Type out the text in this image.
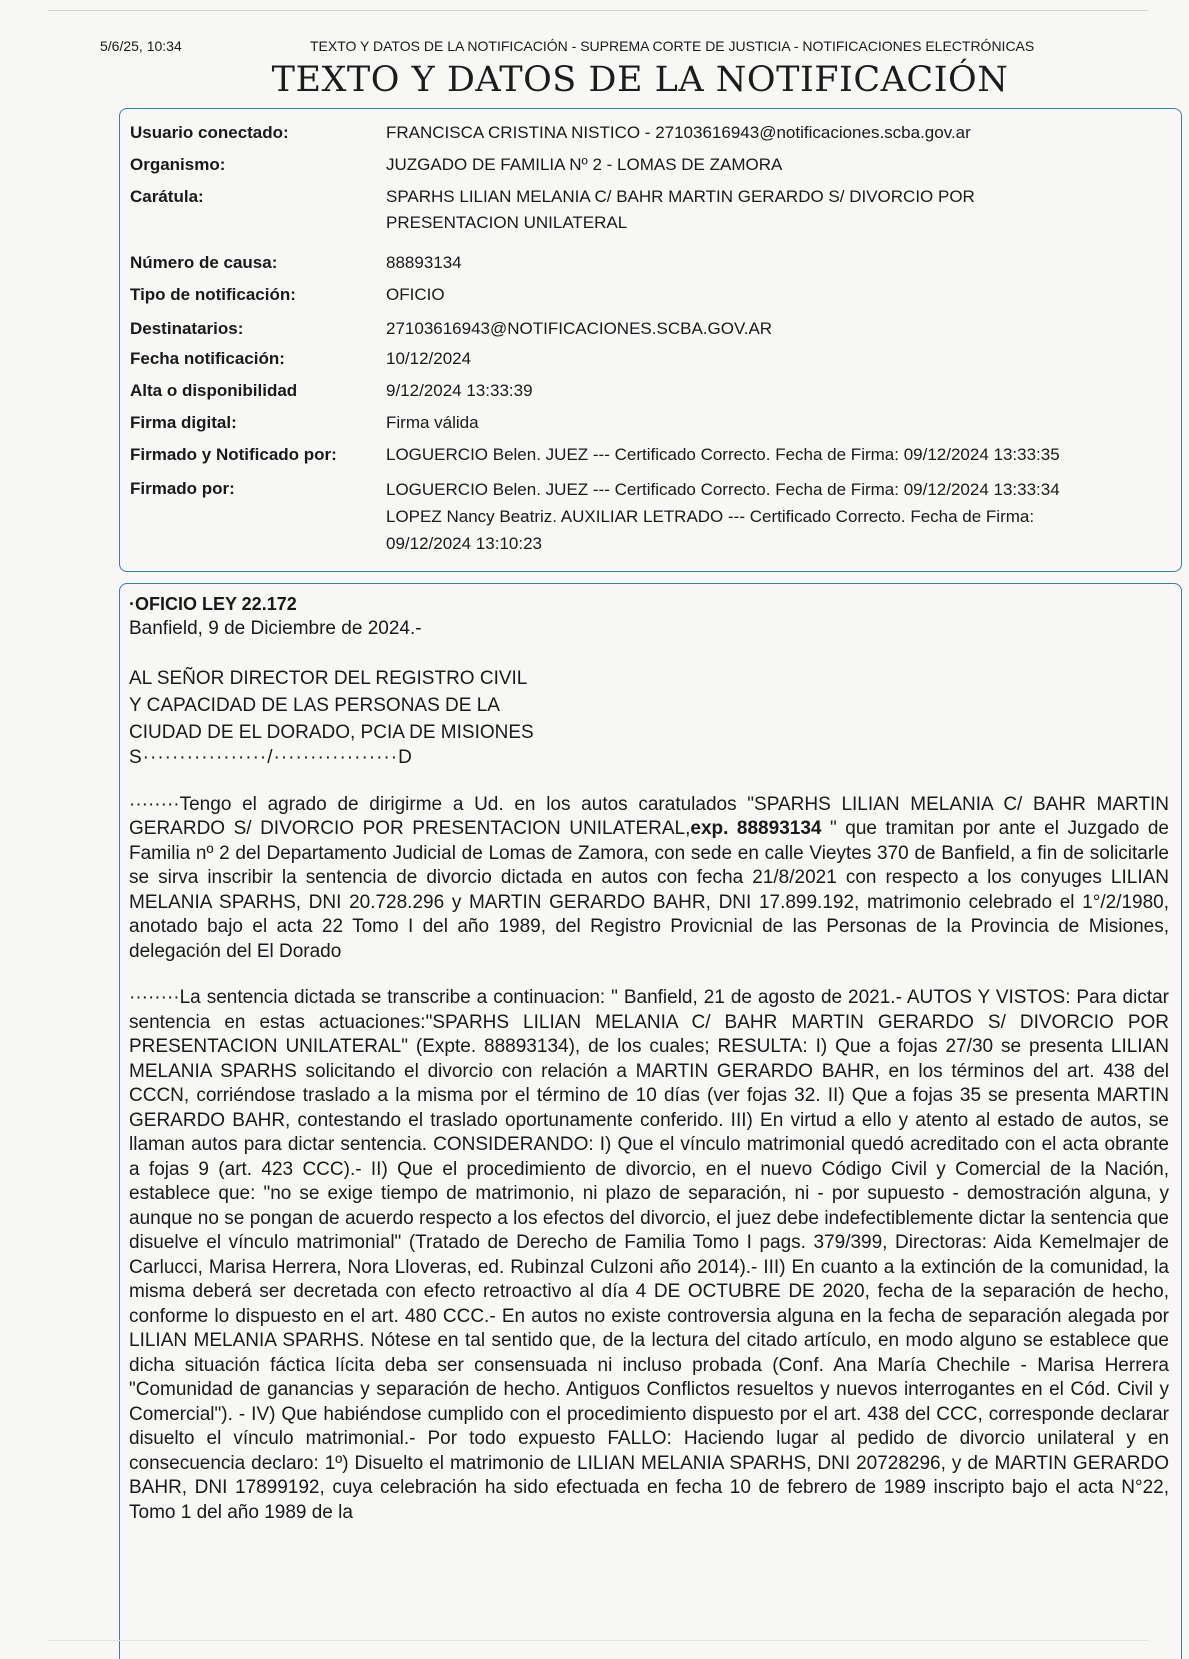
5/6/25, 10:34	TEXTO Y DATOS DE LA NOTIFICACIÓN - SUPREMA CORTE DE JUSTICIA - NOTIFICACIONES ELECTRÓNICAS
TEXTO Y DATOS DE LA NOTIFICACIÓN
Usuario conectado:	FRANCISCA CRISTINA NISTICO - 27103616943@notificaciones.scba.gov.ar
Organismo:	JUZGADO DE FAMILIA Nº 2 - LOMAS DE ZAMORA
Carátula:	SPARHS LILIAN MELANIA C/ BAHR MARTIN GERARDO S/ DIVORCIO POR
PRESENTACION UNILATERAL
Número de causa:	88893134
Tipo de notificación:	OFICIO
Destinatarios:	27103616943@NOTIFICACIONES.SCBA.GOV.AR
Fecha notificación:	10/12/2024
Alta o disponibilidad	9/12/2024 13:33:39
Firma digital:	Firma válida
Firmado y Notificado por:	LOGUERCIO Belen. JUEZ --- Certificado Correcto. Fecha de Firma: 09/12/2024 13:33:35
Firmado por:	LOGUERCIO Belen. JUEZ --- Certificado Correcto. Fecha de Firma: 09/12/2024 13:33:34
LOPEZ Nancy Beatriz. AUXILIAR LETRADO --- Certificado Correcto. Fecha de Firma:
09/12/2024 13:10:23

·OFICIO LEY 22.172

Banfield, 9 de Diciembre de 2024.-

AL SEÑOR DIRECTOR DEL REGISTRO CIVIL
Y CAPACIDAD DE LAS PERSONAS DE LA
CIUDAD DE EL DORADO, PCIA DE MISIONES

S·················/·················D

········Tengo el agrado de dirigirme a Ud. en los autos caratulados "SPARHS LILIAN MELANIA C/ BAHR MARTIN GERARDO S/ DIVORCIO POR PRESENTACION UNILATERAL,exp. 88893134 " que tramitan por ante el Juzgado de Familia nº 2 del Departamento Judicial de Lomas de Zamora, con sede en calle Vieytes 370 de Banfield, a fin de solicitarle se sirva inscribir la sentencia de divorcio dictada en autos con fecha 21/8/2021 con respecto a los conyuges LILIAN MELANIA SPARHS, DNI 20.728.296 y MARTIN GERARDO BAHR, DNI 17.899.192, matrimonio celebrado el 1°/2/1980, anotado bajo el acta 22 Tomo I del año 1989, del Registro Provicnial de las Personas de la Provincia de Misiones, delegación del El Dorado

········La sentencia dictada se transcribe a continuacion: " Banfield, 21 de agosto de 2021.- AUTOS Y VISTOS: Para dictar sentencia en estas actuaciones:"SPARHS LILIAN MELANIA C/ BAHR MARTIN GERARDO S/ DIVORCIO POR PRESENTACION UNILATERAL" (Expte. 88893134), de los cuales; RESULTA: I) Que a fojas 27/30 se presenta LILIAN MELANIA SPARHS solicitando el divorcio con relación a MARTIN GERARDO BAHR, en los términos del art. 438 del CCCN, corriéndose traslado a la misma por el término de 10 días (ver fojas 32. II) Que a fojas 35 se presenta MARTIN GERARDO BAHR, contestando el traslado oportunamente conferido. III) En virtud a ello y atento al estado de autos, se llaman autos para dictar sentencia. CONSIDERANDO: I) Que el vínculo matrimonial quedó acreditado con el acta obrante a fojas 9 (art. 423 CCC).- II) Que el procedimiento de divorcio, en el nuevo Código Civil y Comercial de la Nación, establece que: "no se exige tiempo de matrimonio, ni plazo de separación, ni - por supuesto - demostración alguna, y aunque no se pongan de acuerdo respecto a los efectos del divorcio, el juez debe indefectiblemente dictar la sentencia que disuelve el vínculo matrimonial" (Tratado de Derecho de Familia Tomo I pags. 379/399, Directoras: Aida Kemelmajer de Carlucci, Marisa Herrera, Nora Lloveras, ed. Rubinzal Culzoni año 2014).- III) En cuanto a la extinción de la comunidad, la misma deberá ser decretada con efecto retroactivo al día 4 DE OCTUBRE DE 2020, fecha de la separación de hecho, conforme lo dispuesto en el art. 480 CCC.- En autos no existe controversia alguna en la fecha de separación alegada por LILIAN MELANIA SPARHS. Nótese en tal sentido que, de la lectura del citado artículo, en modo alguno se establece que dicha situación fáctica lícita deba ser consensuada ni incluso probada (Conf. Ana María Chechile - Marisa Herrera "Comunidad de ganancias y separación de hecho. Antiguos Conflictos resueltos y nuevos interrogantes en el Cód. Civil y Comercial"). - IV) Que habiéndose cumplido con el procedimiento dispuesto por el art. 438 del CCC, corresponde declarar disuelto el vínculo matrimonial.- Por todo expuesto FALLO: Haciendo lugar al pedido de divorcio unilateral y en consecuencia declaro: 1º) Disuelto el matrimonio de LILIAN MELANIA SPARHS, DNI 20728296, y de MARTIN GERARDO BAHR, DNI 17899192, cuya celebración ha sido efectuada en fecha 10 de febrero de 1989 inscripto bajo el acta N°22, Tomo 1 del año 1989 de la
